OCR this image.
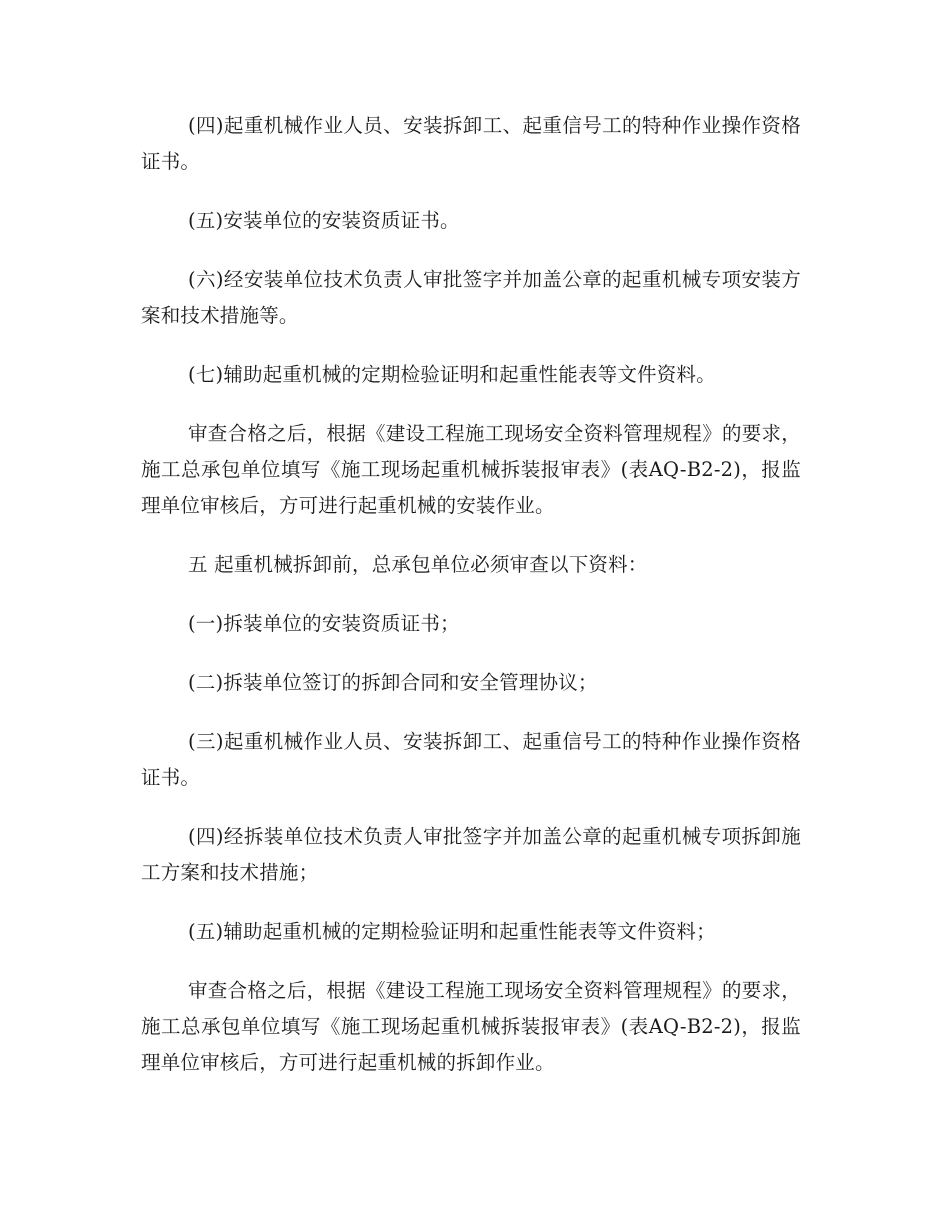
(四)起重机械作业人员、安装拆卸工、起重信号工的特种作业操作资格证书。

(五)安装单位的安装资质证书。

(六)经安装单位技术负责人审批签字并加盖公章的起重机械专项安装方案和技术措施等。

(七)辅助起重机械的定期检验证明和起重性能表等文件资料。

审查合格之后，根据《建设工程施工现场安全资料管理规程》的要求，施工总承包单位填写《施工现场起重机械拆装报审表》(表AQ-B2-2)，报监理单位审核后，方可进行起重机械的安装作业。

五 起重机械拆卸前，总承包单位必须审查以下资料：

(一)拆装单位的安装资质证书；

(二)拆装单位签订的拆卸合同和安全管理协议；

(三)起重机械作业人员、安装拆卸工、起重信号工的特种作业操作资格证书。

(四)经拆装单位技术负责人审批签字并加盖公章的起重机械专项拆卸施工方案和技术措施；

(五)辅助起重机械的定期检验证明和起重性能表等文件资料；

审查合格之后，根据《建设工程施工现场安全资料管理规程》的要求，施工总承包单位填写《施工现场起重机械拆装报审表》(表AQ-B2-2)，报监理单位审核后，方可进行起重机械的拆卸作业。
